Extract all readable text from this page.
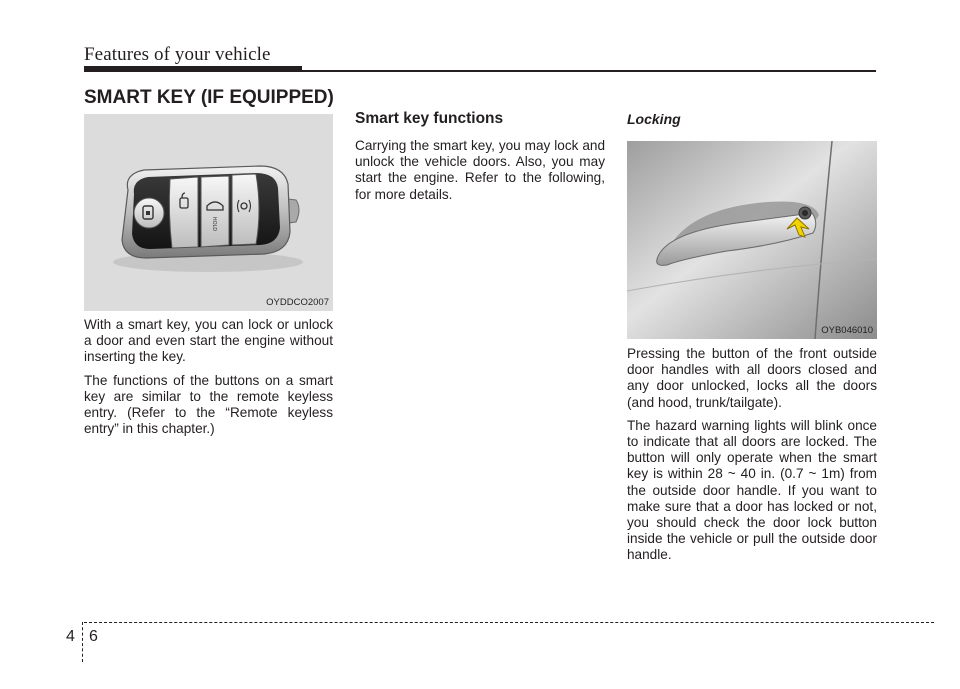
Features of your vehicle
SMART KEY (IF EQUIPPED)
HOLD
OYDDCO2007

With a smart key, you can lock or unlock a door and even start the engine without inserting the key.

The functions of the buttons on a smart key are similar to the remote keyless entry. (Refer to the “Remote keyless entry” in this chapter.)

Smart key functions

Carrying the smart key, you may lock and unlock the vehicle doors. Also, you may start the engine. Refer to the following, for more details.

Locking
OYB046010

Pressing the button of the front outside door handles with all doors closed and any door unlocked, locks all the doors (and hood, trunk/tailgate).

The hazard warning lights will blink once to indicate that all doors are locked. The button will only operate when the smart key is within 28 ~ 40 in. (0.7 ~ 1m) from the outside door handle. If you want to make sure that a door has locked or not, you should check the door lock button inside the vehicle or pull the outside door handle.

4 6
